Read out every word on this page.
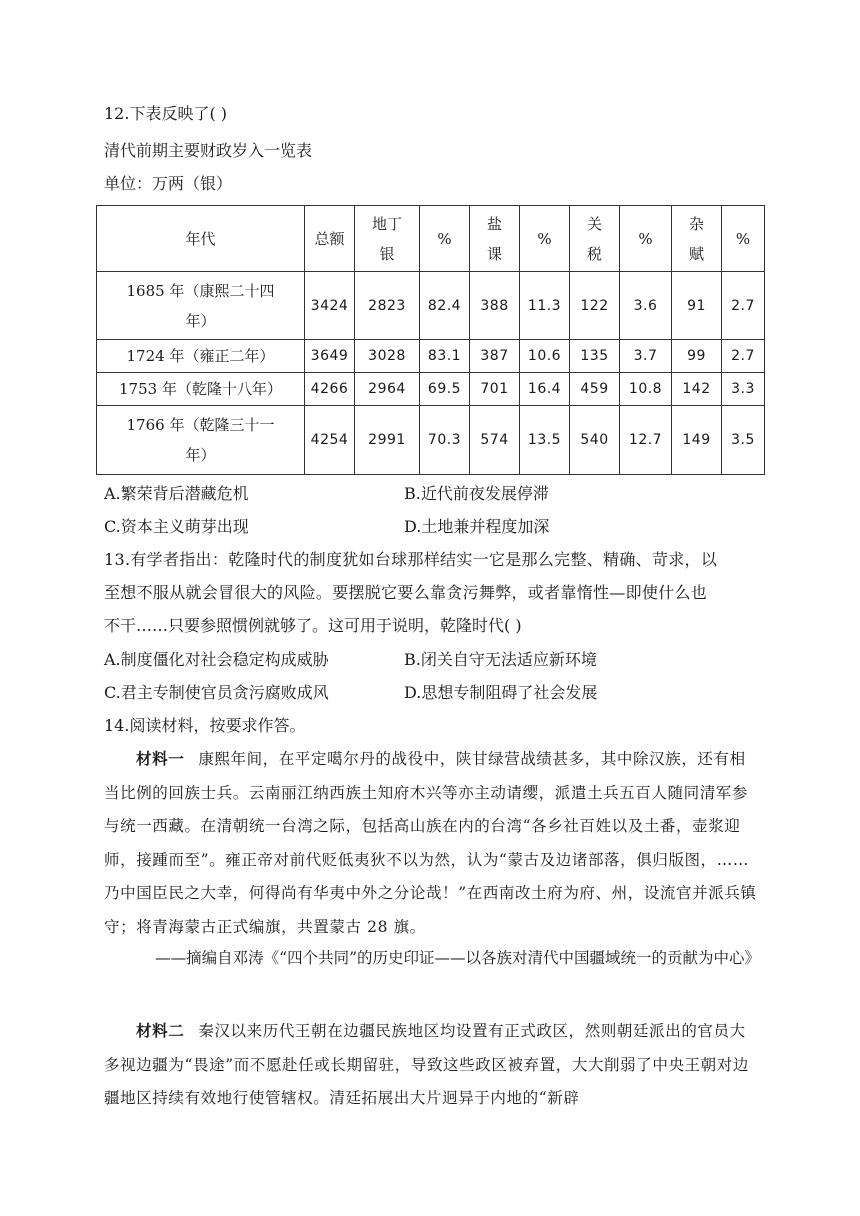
12.下表反映了( )
清代前期主要财政岁入一览表
单位：万两（银）
年代	总额	地丁银	%	盐课	%	关税	%	杂赋	%
1685 年（康熙二十四年）	3424	2823	82.4	388	11.3	122	3.6	91	2.7
1724 年（雍正二年）	3649	3028	83.1	387	10.6	135	3.7	99	2.7
1753 年（乾隆十八年）	4266	2964	69.5	701	16.4	459	10.8	142	3.3
1766 年（乾隆三十一年）	4254	2991	70.3	574	13.5	540	12.7	149	3.5
A.繁荣背后潜藏危机	B.近代前夜发展停滞
C.资本主义萌芽出现	D.土地兼并程度加深
13.有学者指出：乾隆时代的制度犹如台球那样结实一它是那么完整、精确、苛求，以
至想不服从就会冒很大的风险。要摆脱它要么靠贪污舞弊，或者靠惰性—即使什么也
不干……只要参照惯例就够了。这可用于说明，乾隆时代( )
A.制度僵化对社会稳定构成威胁	B.闭关自守无法适应新环境
C.君主专制使官员贪污腐败成风	D.思想专制阻碍了社会发展
14.阅读材料，按要求作答。
材料一 康熙年间，在平定噶尔丹的战役中，陕甘绿营战绩甚多，其中除汉族，还有相当比例的回族士兵。云南丽江纳西族土知府木兴等亦主动请缨，派遣土兵五百人随同清军参与统一西藏。在清朝统一台湾之际，包括高山族在内的台湾“各乡社百姓以及土番，壶浆迎师，接踵而至”。雍正帝对前代贬低夷狄不以为然，认为“蒙古及边诸部落，俱归版图，……乃中国臣民之大幸，何得尚有华夷中外之分论哉！”在西南改土府为府、州，设流官并派兵镇守；将青海蒙古正式编旗，共置蒙古 28 旗。
——摘编自邓涛《“四个共同”的历史印证——以各族对清代中国疆域统一的贡献为中心》
材料二 秦汉以来历代王朝在边疆民族地区均设置有正式政区，然则朝廷派出的官员大多视边疆为“畏途”而不愿赴任或长期留驻，导致这些政区被弃置，大大削弱了中央王朝对边疆地区持续有效地行使管辖权。清廷拓展出大片迥异于内地的“新辟
